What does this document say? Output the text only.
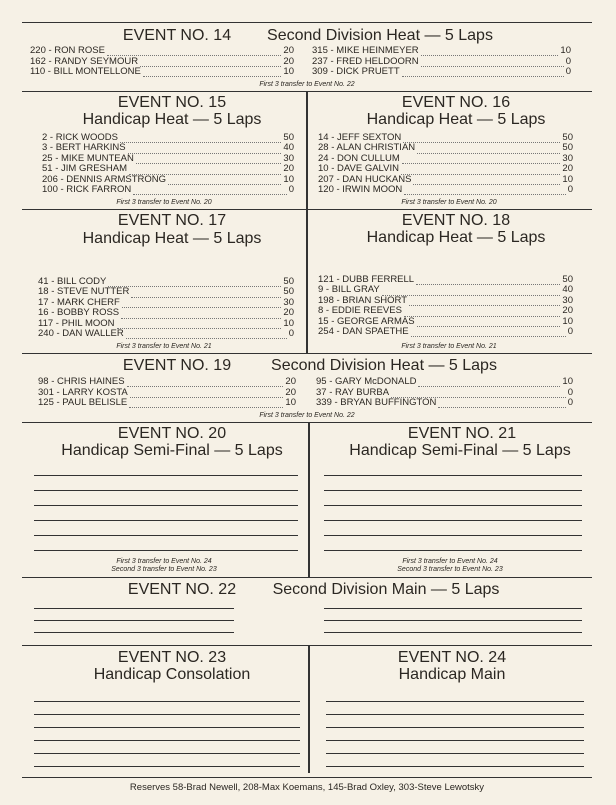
EVENT NO. 14	Second Division Heat — 5 Laps
220 - RON ROSE	20
162 - RANDY SEYMOUR	20
110 - BILL MONTELLONE	10
315 - MIKE HEINMEYER	10
237 - FRED HELDOORN	0
309 - DICK PRUETT	0
First 3 transfer to Event No. 22
EVENT NO. 15
Handicap Heat — 5 Laps
2 - RICK WOODS	50
3 - BERT HARKINS	40
25 - MIKE MUNTEAN	30
51 - JIM GRESHAM	20
206 - DENNIS ARMSTRONG	10
100 - RICK FARRON	0
First 3 transfer to Event No. 20
EVENT NO. 16
Handicap Heat — 5 Laps
14 - JEFF SEXTON	50
28 - ALAN CHRISTIAN	50
24 - DON CULLUM	30
10 - DAVE GALVIN	20
207 - DAN HUCKANS	10
120 - IRWIN MOON	0
First 3 transfer to Event No. 20
EVENT NO. 17
Handicap Heat — 5 Laps
41 - BILL CODY	50
18 - STEVE NUTTER	50
17 - MARK CHERF	30
16 - BOBBY ROSS	20
117 - PHIL MOON	10
240 - DAN WALLER	0
First 3 transfer to Event No. 21
EVENT NO. 18
Handicap Heat — 5 Laps
121 - DUBB FERRELL	50
9 - BILL GRAY	40
198 - BRIAN SHORT	30
8 - EDDIE REEVES	20
15 - GEORGE ARMAS	10
254 - DAN SPAETHE	0
First 3 transfer to Event No. 21
EVENT NO. 19	Second Division Heat — 5 Laps
98 - CHRIS HAINES	20
301 - LARRY KOSTA	20
125 - PAUL BELISLE	10
95 - GARY McDONALD	10
37 - RAY BURBA	0
339 - BRYAN BUFFINGTON	0
First 3 transfer to Event No. 22
EVENT NO. 20
Handicap Semi-Final — 5 Laps
First 3 transfer to Event No. 24
Second 3 transfer to Event No. 23
EVENT NO. 21
Handicap Semi-Final — 5 Laps
First 3 transfer to Event No. 24
Second 3 transfer to Event No. 23
EVENT NO. 22	Second Division Main — 5 Laps
EVENT NO. 23
Handicap Consolation
EVENT NO. 24
Handicap Main
Reserves 58-Brad Newell, 208-Max Koemans, 145-Brad Oxley, 303-Steve Lewotsky
